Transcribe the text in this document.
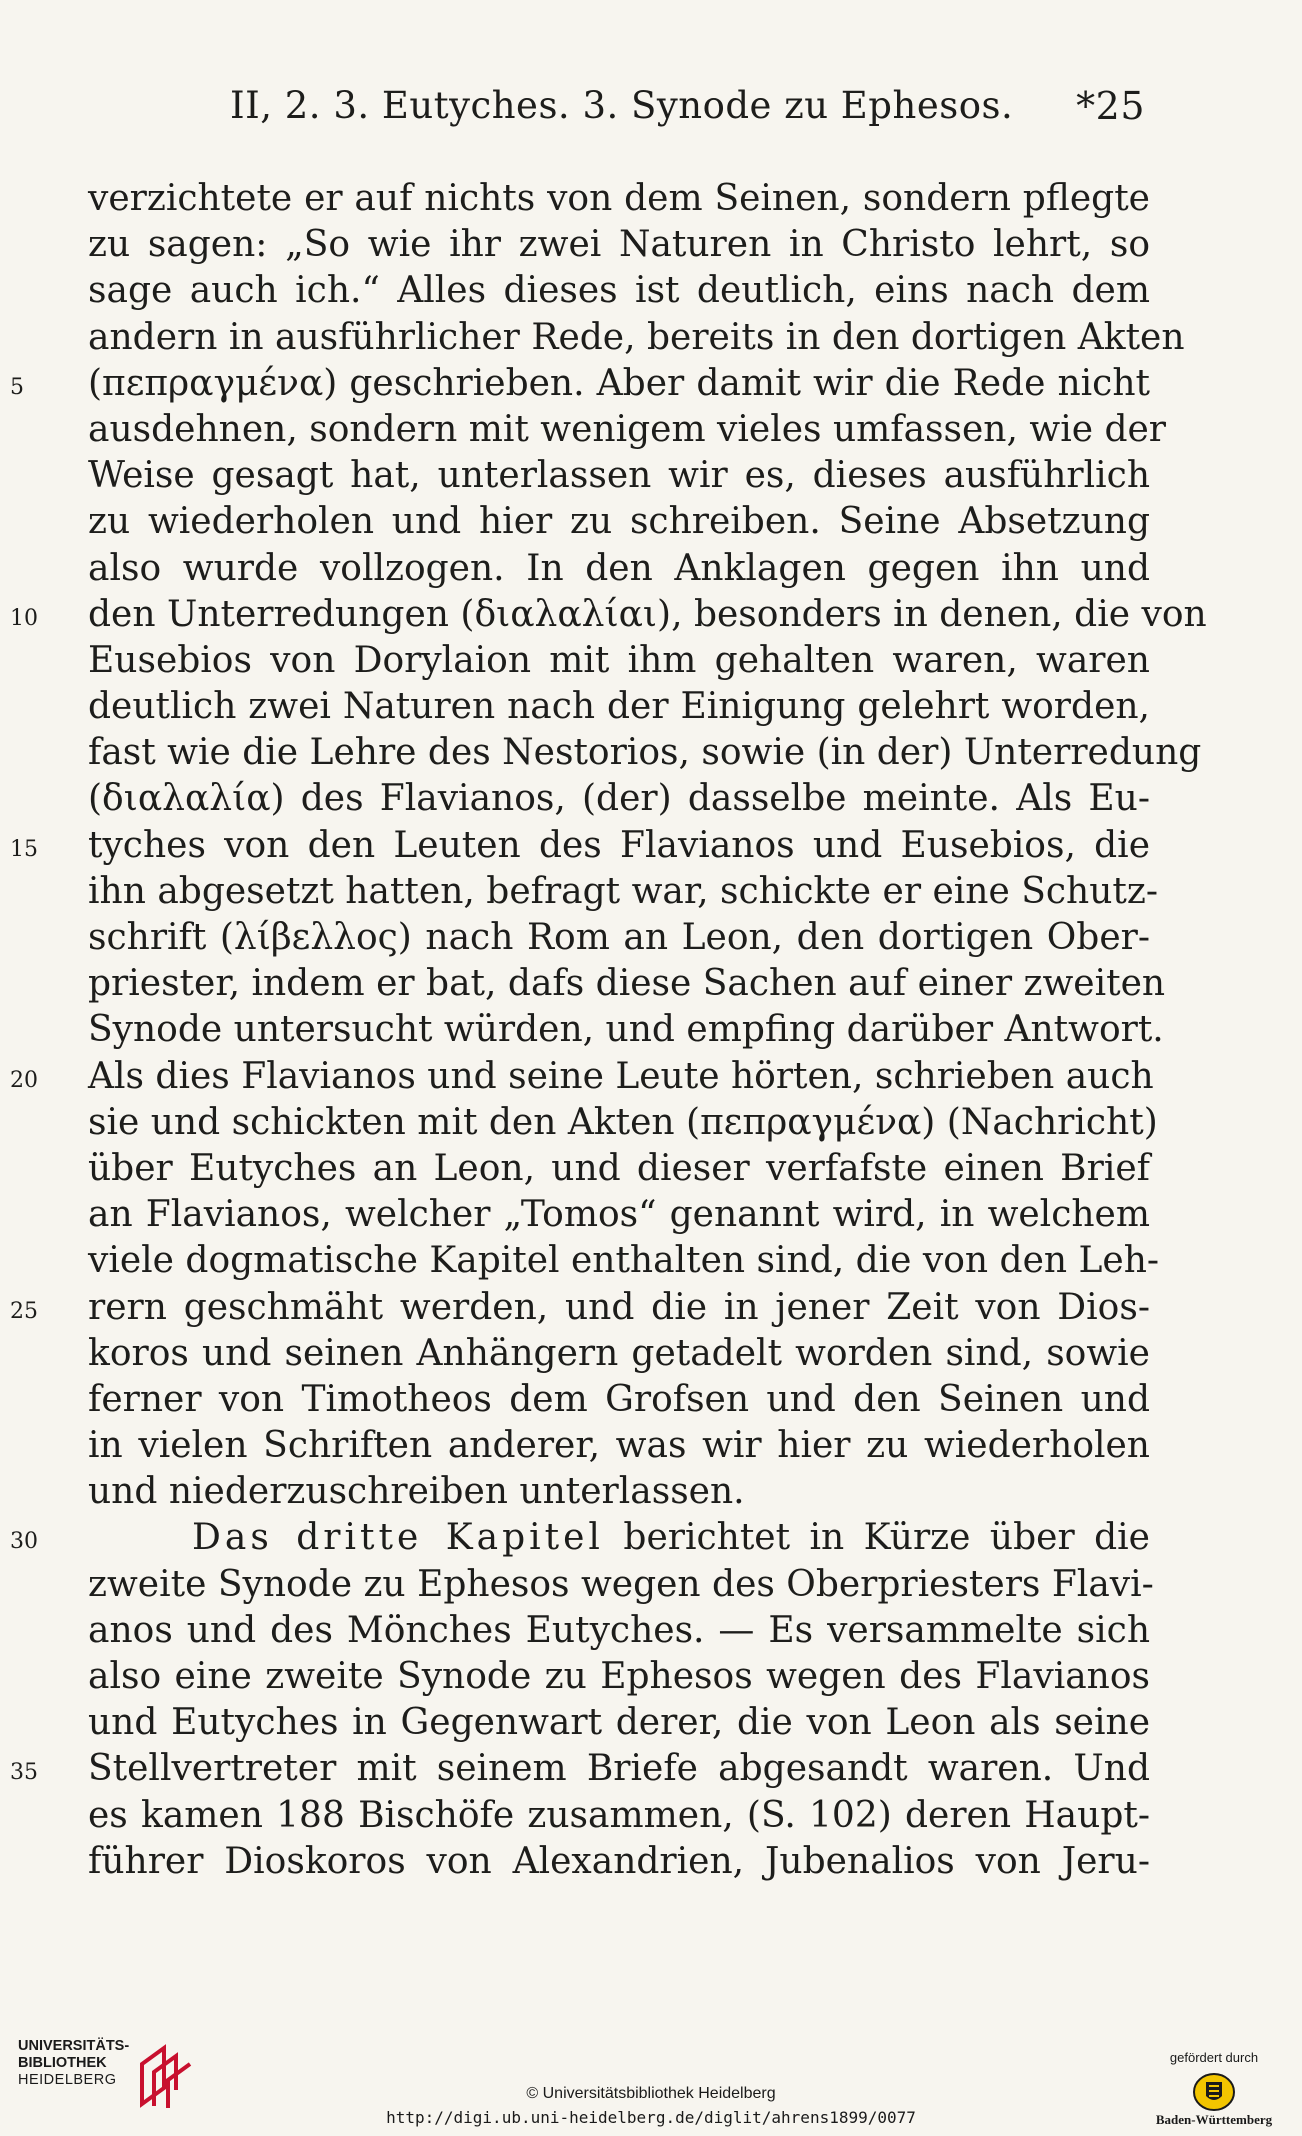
II, 2. 3. Eutyches. 3. Synode zu Ephesos. *25
verzichtete er auf nichts von dem Seinen, sondern pflegte
zu sagen: „So wie ihr zwei Naturen in Christo lehrt, so
sage auch ich.“ Alles dieses ist deutlich, eins nach dem
andern in ausführlicher Rede, bereits in den dortigen Akten
5	(πεπραγμένα) geschrieben. Aber damit wir die Rede nicht
ausdehnen, sondern mit wenigem vieles umfassen, wie der
Weise gesagt hat, unterlassen wir es, dieses ausführlich
zu wiederholen und hier zu schreiben. Seine Absetzung
also wurde vollzogen. In den Anklagen gegen ihn und
10	den Unterredungen (διαλαλίαι), besonders in denen, die von
Eusebios von Dorylaion mit ihm gehalten waren, waren
deutlich zwei Naturen nach der Einigung gelehrt worden,
fast wie die Lehre des Nestorios, sowie (in der) Unterredung
(διαλαλία) des Flavianos, (der) dasselbe meinte. Als Eu-
15	tyches von den Leuten des Flavianos und Eusebios, die
ihn abgesetzt hatten, befragt war, schickte er eine Schutz-
schrift (λίβελλος) nach Rom an Leon, den dortigen Ober-
priester, indem er bat, dafs diese Sachen auf einer zweiten
Synode untersucht würden, und empfing darüber Antwort.
20	Als dies Flavianos und seine Leute hörten, schrieben auch
sie und schickten mit den Akten (πεπραγμένα) (Nachricht)
über Eutyches an Leon, und dieser verfafste einen Brief
an Flavianos, welcher „Tomos“ genannt wird, in welchem
viele dogmatische Kapitel enthalten sind, die von den Leh-
25	rern geschmäht werden, und die in jener Zeit von Dios-
koros und seinen Anhängern getadelt worden sind, sowie
ferner von Timotheos dem Grofsen und den Seinen und
in vielen Schriften anderer, was wir hier zu wiederholen
und niederzuschreiben unterlassen.
30	Das dritte Kapitel berichtet in Kürze über die
zweite Synode zu Ephesos wegen des Oberpriesters Flavi-
anos und des Mönches Eutyches. — Es versammelte sich
also eine zweite Synode zu Ephesos wegen des Flavianos
und Eutyches in Gegenwart derer, die von Leon als seine
35	Stellvertreter mit seinem Briefe abgesandt waren. Und
es kamen 188 Bischöfe zusammen, (S. 102) deren Haupt-
führer Dioskoros von Alexandrien, Jubenalios von Jeru-
UNIVERSITÄTS-
BIBLIOTHEK
HEIDELBERG
© Universitätsbibliothek Heidelberg
http://digi.ub.uni-heidelberg.de/diglit/ahrens1899/0077
gefördert durch
Baden-Württemberg
